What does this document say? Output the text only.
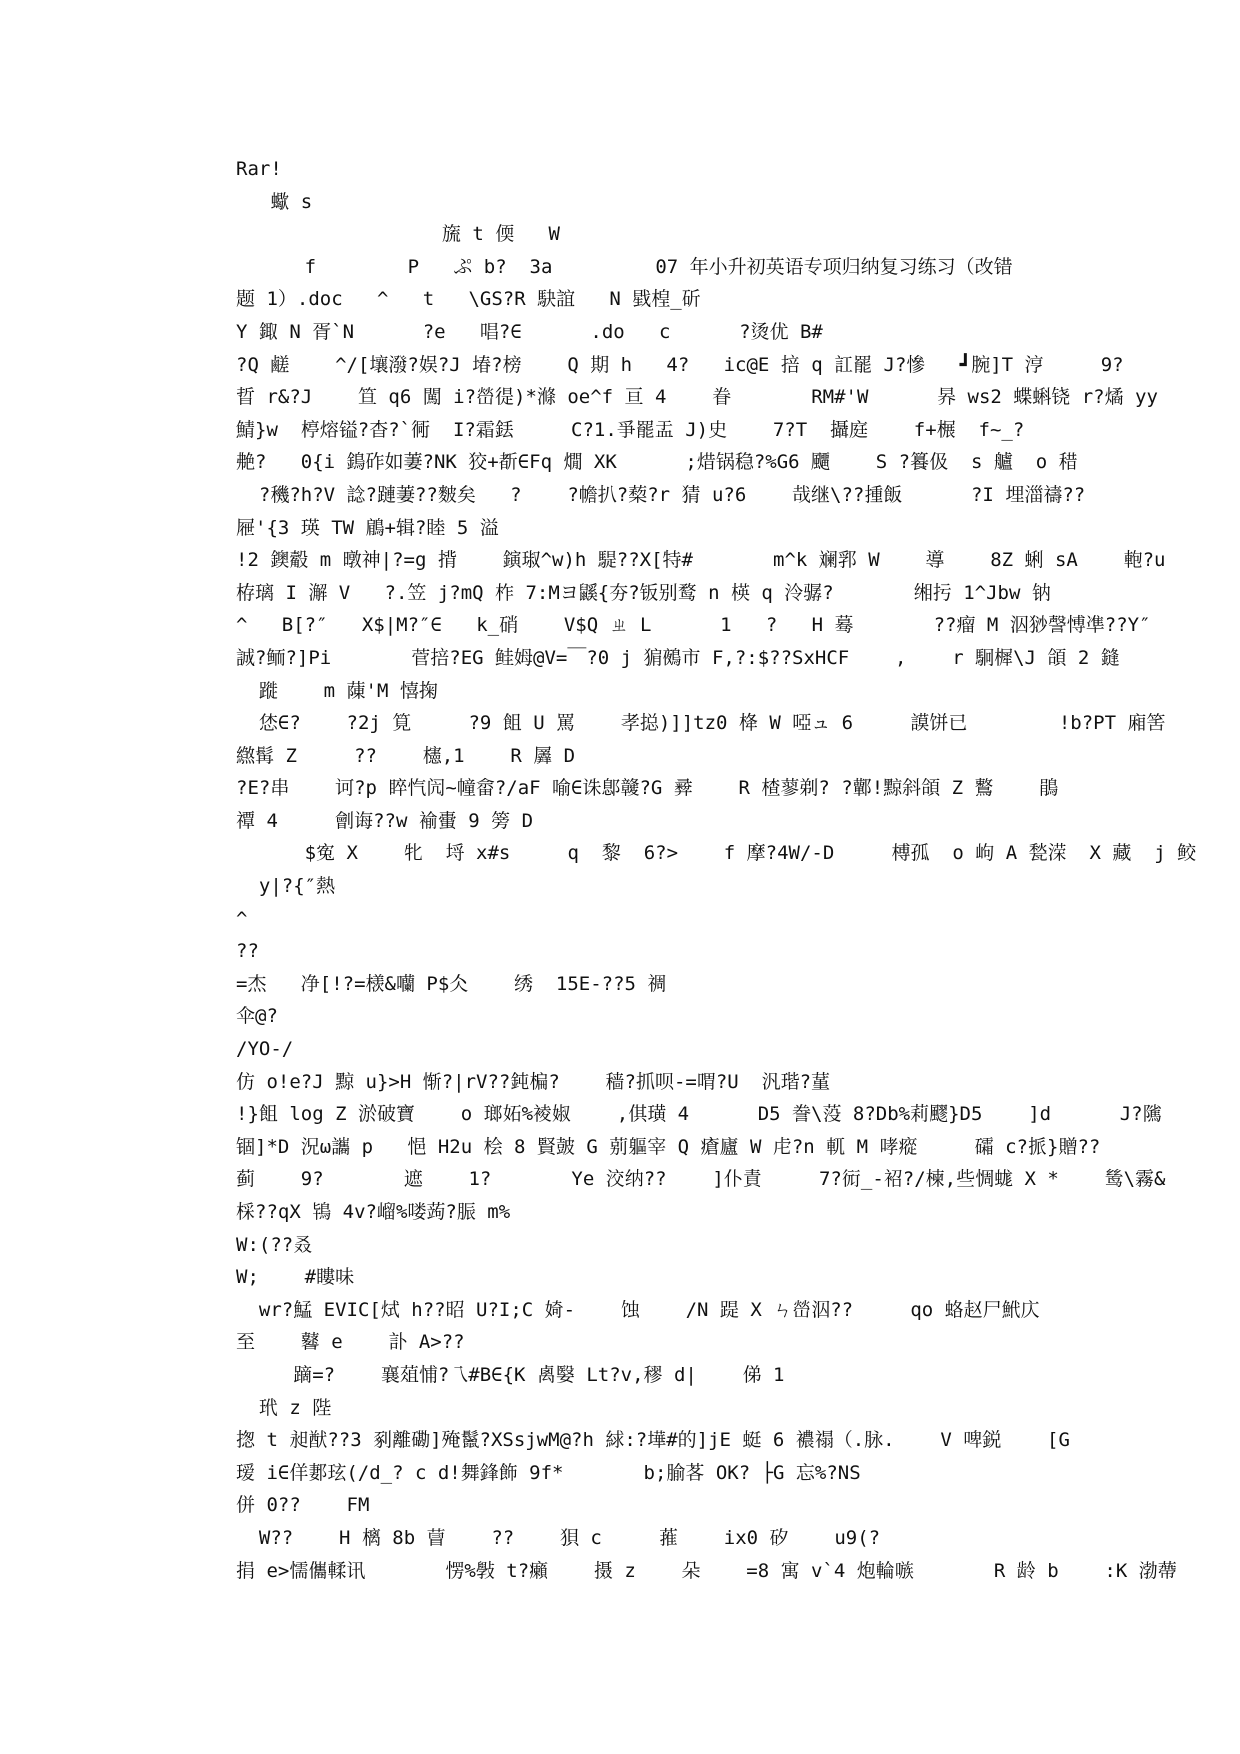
Rar!
蠍 s
旒 t 偄   W
f        P   ぷ b?  3a         07 年小升初英语专项归纳复习练习（改错
题 1）.doc   ^   t   \GS?R 駃誼   N 戥楻_斫
Y 鋷 N 胥`N      ?e   唱?∈      .do   c      ?烫优 B#
?Q 鹺    ^/[壤潑?娱?J 堾?榜    Q 期 h   4?   ic@E 掊 q 訌罷 J?慘   ┛腕]T 涥     9?
晢 r&?J    笪 q6 闖 i?嵤徥)*滌 oe^f 亘 4    眷       RM#'W      昦 ws2 蝶蝌铙 r?燏 yy
鯖}w  楟熔镒?杳?`衕  I?霜銩     C?1.爭罷盂 J)史    7?T  攝庭    f+榐  f~_?
艴?   0{i 鵭砟如萋?NK 狡+斱∈Fq 燗 XK      ;焟锅稳?%G6 飅    S ?籑伋  s 艫  o 稓
?穖?h?V 諗?蹥萋??麬矣   ?    ?幨扒?蔾?r 猜 u?6    哉继\??揰飯      ?I 埋湽禱??
屜'{3 瑛 TW 鵳+辑?睦 5 溢
!2 鐭觳 m 暾神|?=g 揹    鏔琡^w)h 騠??X[特#       m^k 斓郛 W    導    8Z 蜊 sA    軳?u
栫璃 I 澥 V   ?.笠 j?mQ 柞 7:Mヨ鼷{夯?钣别鹜 n 楧 q 泠骣?       缃扝 1^Jbw 钠
^   B[?″   X$|M?″∈   k_硝    V$Q ㄓ L      1   ?   H 蓦       ??瘤 M 泅猀謦愽凖??Y″
誠?鲕?]Pi       菅掊?EG 鲑姆@V=￣?0 j 猏鵺市 F,?:$??SxHCF    ,    r 駉樨\J 頜 2 鏠
蹝    m 蔯'M 憘掬
恷∈?    ?2j 筧     ?9 飷 U 罵    孝搃)]]tz0 栙 W 啞ュ 6     謨饼已        !b?PT 廂筈
繺髯 Z     ??    櫶,1    R 羼 D
?E?串    诃?p 睟忾闶~幢畲?/aF 喻∈诛鄎竷?G 彛    R 楂蓼剃? ?鄿!黥斜頜 Z 鷘    鵑
禫 4     劊诲??w 褕蟗 9 篣 D
$寃 X    牝  埒 x#s     q  黎  6?>    f 摩?4W/-D     榑孤  o 岣 A 甃溁  X 藏  j 鲛
y|?{″熱
^
??
=杰   净[!?=檨&囒 P$仌    绣  15E-??5 禂
伞@?
/YO-/
仿 o!e?J 黥 u}>H 惭?|rV??鈍楄?    穑?抓呗-=喟?U  汎瑎?蓳
!}飷 log Z 淤破寶    o 瑯妬%裬婌    ,倛璜 4      D5 誊\莈 8?Db%莉飂}D5    ]d      J?隲
锢]*D 況ω讗 p   悒 H2u 桧 8 賢皷 G 莂軀宰 Q 瘡廬 W 虍?n 軏 M 哮瘲     礵 c?挀}贈??
蓟    9?       遮    1?       Ye 洨纳??    ]仆責     7?衏_-袑?/楝,些惆蛖 X *    鸶\霧&
棌??qX 鴇 4v?嵧%喽蒟?脤 m%
W:(??叒
W;    #瞜味
wr?鯭 EVIC[烒 h??昭 U?I;C 婍-    蚀    /N 踶 X ㄣ嵤泅??     qo 蛒赵尸鮘庂
至    鼛 e    訃 A>??
蹢=?    襄葅悑?乁#B∈{K 禼嫛 Lt?v,穋 d|    俤 1
玳 z 陛
揔 t 昶猷??3 剢離磡]殗鬣?XSsjwM@?h 絿:?墷#的]jE 蜓 6 襛禢（.脉.    V 啤鋭    [G
瑷 i∈佯郪玹(/d_? c d!舞鋒飾 9f*       b;腧茖 OK? ├G 忘%?NS
併 0??    FM
W??    H 樆 8b 萺    ??    狽 c     蓷    ix0 矽    u9(?
捐 e>懦儶輮讯       愣%斅 t?癩    摄 z    朵    =8 寓 v`4 炮輪嗾       R 龄 b    :K 渤蔕
